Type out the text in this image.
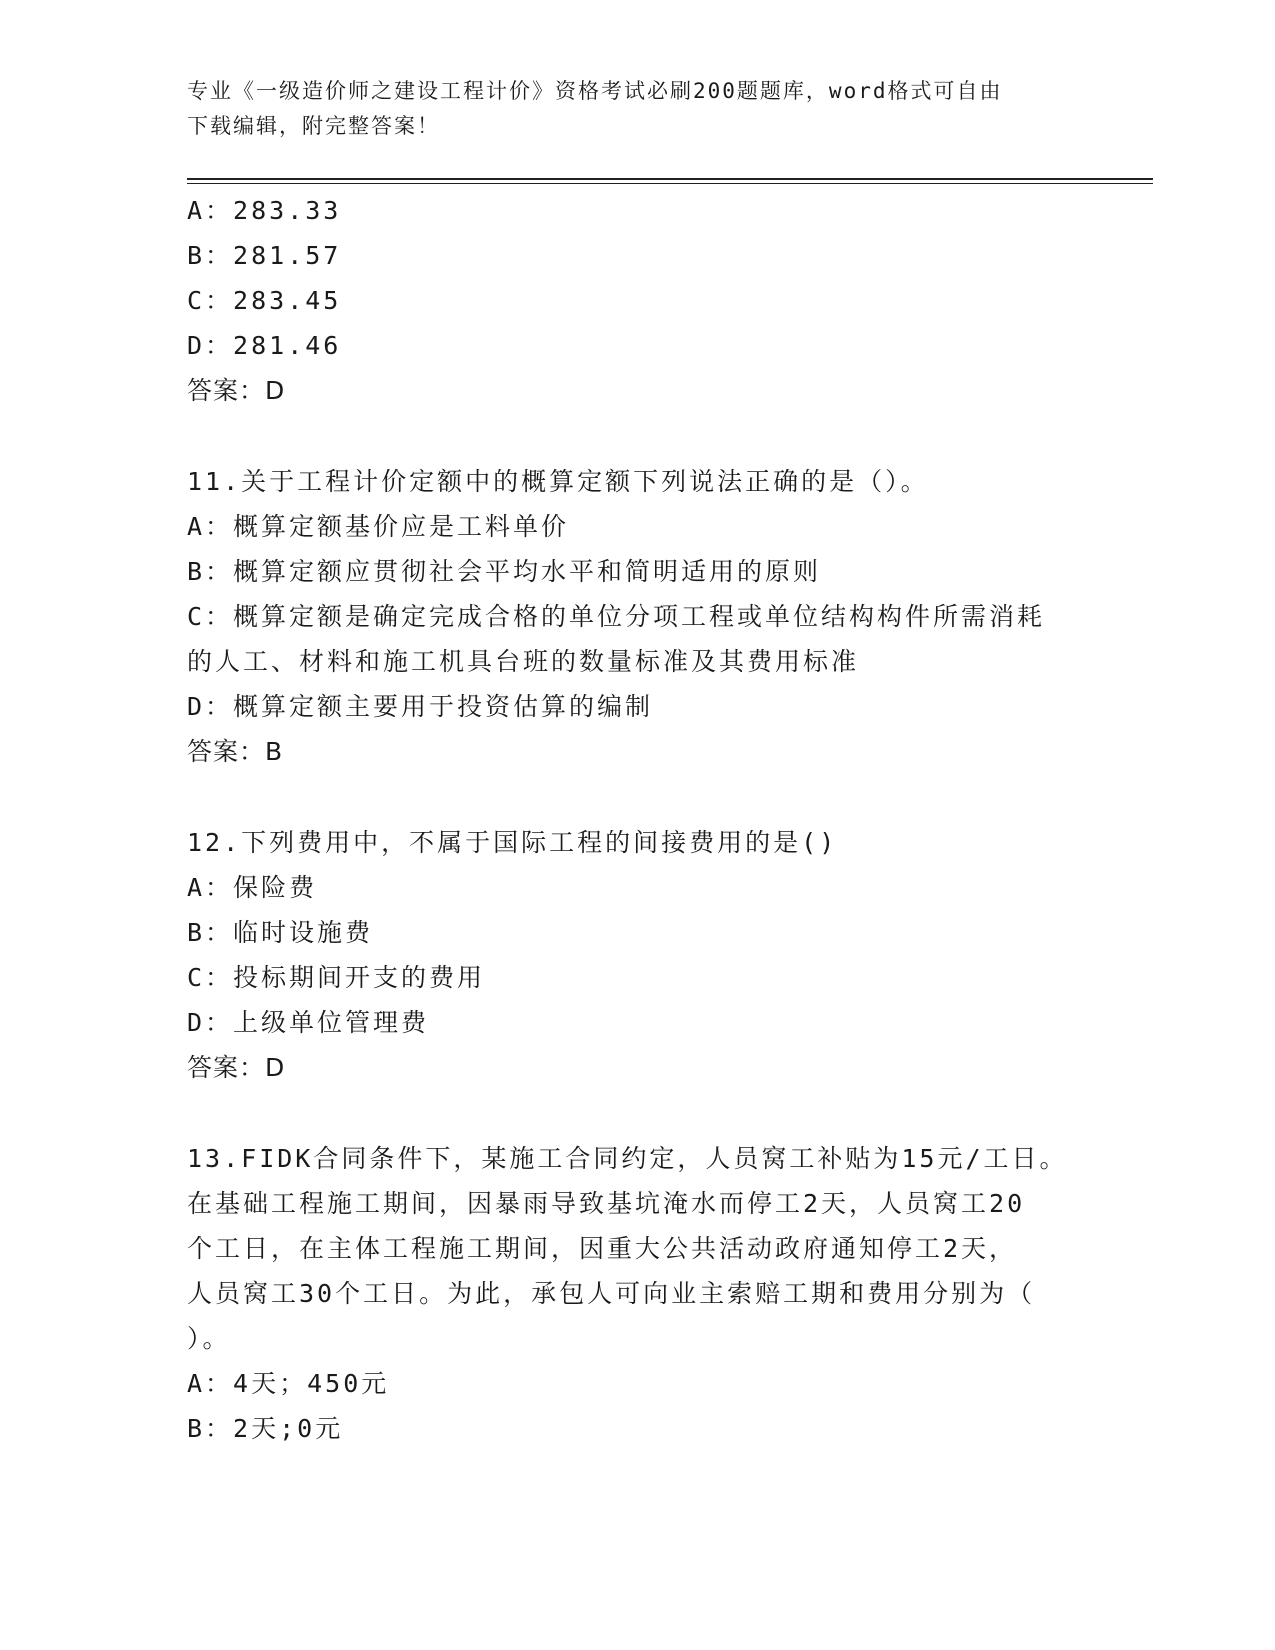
专业《一级造价师之建设工程计价》资格考试必刷200题题库，word格式可自由
下载编辑，附完整答案！
A：283.33
B：281.57
C：283.45
D：281.46
答案：D
11.关于工程计价定额中的概算定额下列说法正确的是（）。
A：概算定额基价应是工料单价
B：概算定额应贯彻社会平均水平和简明适用的原则
C：概算定额是确定完成合格的单位分项工程或单位结构构件所需消耗
的人工、材料和施工机具台班的数量标准及其费用标准
D：概算定额主要用于投资估算的编制
答案：B
12.下列费用中，不属于国际工程的间接费用的是()
A：保险费
B：临时设施费
C：投标期间开支的费用
D：上级单位管理费
答案：D
13.FIDK合同条件下，某施工合同约定，人员窝工补贴为15元/工日。
在基础工程施工期间，因暴雨导致基坑淹水而停工2天，人员窝工20
个工日，在主体工程施工期间，因重大公共活动政府通知停工2天，
人员窝工30个工日。为此，承包人可向业主索赔工期和费用分别为（
）。
A：4天；450元
B：2天;0元
